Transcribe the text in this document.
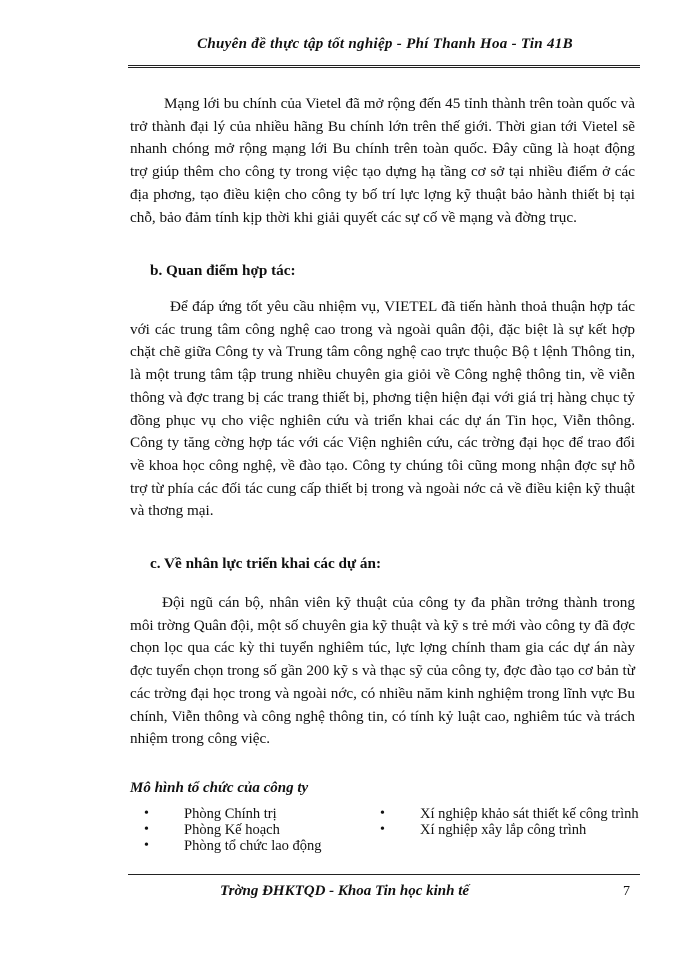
Chuyên đề thực tập tốt nghiệp - Phí Thanh Hoa - Tin 41B

Mạng lới bu chính của Vietel đã mở rộng đến 45 tỉnh thành trên toàn quốc và trở thành đại lý của nhiều hãng Bu chính lớn trên thế giới. Thời gian tới Vietel sẽ nhanh chóng mở rộng mạng lới Bu chính trên toàn quốc. Đây cũng là hoạt động trợ giúp thêm cho công ty trong việc tạo dựng hạ tầng cơ sở tại nhiều điểm ở các địa phơng, tạo điều kiện cho công ty bố trí lực lợng kỹ thuật bảo hành thiết bị tại chỗ, bảo đảm tính kịp thời khi giải quyết các sự cố về mạng và đờng trục.

b. Quan điểm hợp tác:

Để đáp ứng tốt yêu cầu nhiệm vụ, VIETEL đã tiến hành thoả thuận hợp tác với các trung tâm công nghệ cao trong và ngoài quân đội, đặc biệt là sự kết hợp chặt chẽ giữa Công ty và Trung tâm công nghệ cao trực thuộc Bộ t lệnh Thông tin, là một trung tâm tập trung nhiều chuyên gia giỏi về Công nghệ thông tin, về viễn thông và đợc trang bị các trang thiết bị, phơng tiện hiện đại với giá trị hàng chục tỷ đồng phục vụ cho việc nghiên cứu và triển khai các dự án Tin học, Viễn thông. Công ty tăng cờng hợp tác với các Viện nghiên cứu, các trờng đại học để trao đổi về khoa học công nghệ, về đào tạo. Công ty chúng tôi cũng mong nhận đợc sự hỗ trợ từ phía các đối tác cung cấp thiết bị trong và ngoài nớc cả về điều kiện kỹ thuật và thơng mại.

c. Về nhân lực triển khai các dự án:

Đội ngũ cán bộ, nhân viên kỹ thuật của công ty đa phần trởng thành trong môi trờng Quân đội, một số chuyên gia kỹ thuật và kỹ s trẻ mới vào công ty đã đợc chọn lọc qua các kỳ thi tuyển nghiêm túc, lực lợng chính tham gia các dự án này đợc tuyển chọn trong số gần 200 kỹ s và thạc sỹ của công ty, đợc đào tạo cơ bản từ các trờng đại học trong và ngoài nớc, có nhiều năm kinh nghiệm trong lĩnh vực Bu chính, Viễn thông và công nghệ thông tin, có tính kỷ luật cao, nghiêm túc và trách nhiệm trong công việc.

Mô hình tổ chức của công ty
• Phòng Chính trị
• Phòng Kế hoạch
• Phòng tổ chức lao động
• Xí nghiệp khảo sát thiết kế công trình
• Xí nghiệp xây lắp công trình
Trờng ĐHKTQD - Khoa Tin học kinh tế	7
